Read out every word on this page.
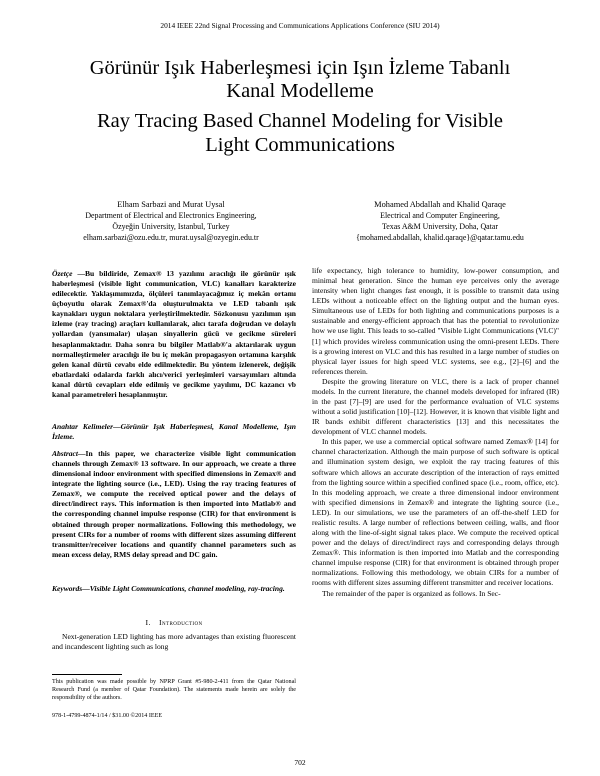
2014 IEEE 22nd Signal Processing and Communications Applications Conference (SIU 2014)
Görünür Işık Haberleşmesi için Işın İzleme Tabanlı
Kanal Modelleme
Ray Tracing Based Channel Modeling for Visible
Light Communications
Elham Sarbazi and Murat Uysal
Department of Electrical and Electronics Engineering,
Özyeğin University, Istanbul, Turkey
elham.sarbazi@ozu.edu.tr, murat.uysal@ozyegin.edu.tr
Mohamed Abdallah and Khalid Qaraqe
Electrical and Computer Engineering,
Texas A&M University, Doha, Qatar
{mohamed.abdallah, khalid.qaraqe}@qatar.tamu.edu
Özetçe —Bu bildiride, Zemax® 13 yazılımı aracılığı ile görünür ışık haberleşmesi (visible light communication, VLC) kanalları karakterize edilecektir. Yaklaşımımızda, ölçüleri tanımlayacağımız iç mekân ortamı üçboyutlu olarak Zemax®'da oluşturulmakta ve LED tabanlı ışık kaynakları uygun noktalara yerleştirilmektedir. Sözkonusu yazılımın ışın izleme (ray tracing) araçları kullanılarak, alıcı tarafa doğrudan ve dolaylı yollardan (yansımalar) ulaşan sinyallerin gücü ve gecikme süreleri hesaplanmaktadır. Daha sonra bu bilgiler Matlab®'a aktarılarak uygun normalleştirmeler aracılığı ile bu iç mekân propagasyon ortamına karşılık gelen kanal dürtü cevabı elde edilmektedir. Bu yöntem izlenerek, değişik ebatlardaki odalarda farklı alıcı/verici yerleşimleri varsayımları altında kanal dürtü cevapları elde edilmiş ve gecikme yayılımı, DC kazancı vb kanal parametreleri hesaplanmıştır.
Anahtar Kelimeler—Görünür Işık Haberleşmesi, Kanal Modelleme, Işın İzleme.
Abstract—In this paper, we characterize visible light communication channels through Zemax® 13 software. In our approach, we create a three dimensional indoor environment with specified dimensions in Zemax® and integrate the lighting source (i.e., LED). Using the ray tracing features of Zemax®, we compute the received optical power and the delays of direct/indirect rays. This information is then imported into Matlab® and the corresponding channel impulse response (CIR) for that environment is obtained through proper normalizations. Following this methodology, we present CIRs for a number of rooms with different sizes assuming different transmitter/receiver locations and quantify channel parameters such as mean excess delay, RMS delay spread and DC gain.
Keywords—Visible Light Communications, channel modeling, ray-tracing.
I.  Introduction

Next-generation LED lighting has more advantages than existing fluorescent and incandescent lighting such as long

This publication was made possible by NPRP Grant #5-980-2-411 from the Qatar National Research Fund (a member of Qatar Foundation). The statements made herein are solely the responsibility of the authors.
978-1-4799-4874-1/14 / $31.00 ©2014 IEEE

life expectancy, high tolerance to humidity, low-power consumption, and minimal heat generation. Since the human eye perceives only the average intensity when light changes fast enough, it is possible to transmit data using LEDs without a noticeable effect on the lighting output and the human eyes. Simultaneous use of LEDs for both lighting and communications purposes is a sustainable and energy-efficient approach that has the potential to revolutionize how we use light. This leads to so-called "Visible Light Communications (VLC)" [1] which provides wireless communication using the omni-present LEDs. There is a growing interest on VLC and this has resulted in a large number of studies on physical layer issues for high speed VLC systems, see e.g., [2]–[6] and the references therein.

Despite the growing literature on VLC, there is a lack of proper channel models. In the current literature, the channel models developed for infrared (IR) in the past [7]–[9] are used for the performance evaluation of VLC systems without a solid justification [10]–[12]. However, it is known that visible light and IR bands exhibit different characteristics [13] and this necessitates the development of VLC channel models.

In this paper, we use a commercial optical software named Zemax® [14] for channel characterization. Although the main purpose of such software is optical and illumination system design, we exploit the ray tracing features of this software which allows an accurate description of the interaction of rays emitted from the lighting source within a specified confined space (i.e., room, office, etc). In this modeling approach, we create a three dimensional indoor environment with specified dimensions in Zemax® and integrate the lighting source (i.e., LED). In our simulations, we use the parameters of an off-the-shelf LED for realistic results. A large number of reflections between ceiling, walls, and floor along with the line-of-sight signal takes place. We compute the received optical power and the delays of direct/indirect rays and corresponding delays through Zemax®. This information is then imported into Matlab and the corresponding channel impulse response (CIR) for that environment is obtained through proper normalizations. Following this methodology, we obtain CIRs for a number of rooms with different sizes assuming different transmitter and receiver locations.

The remainder of the paper is organized as follows. In Sec-

702
